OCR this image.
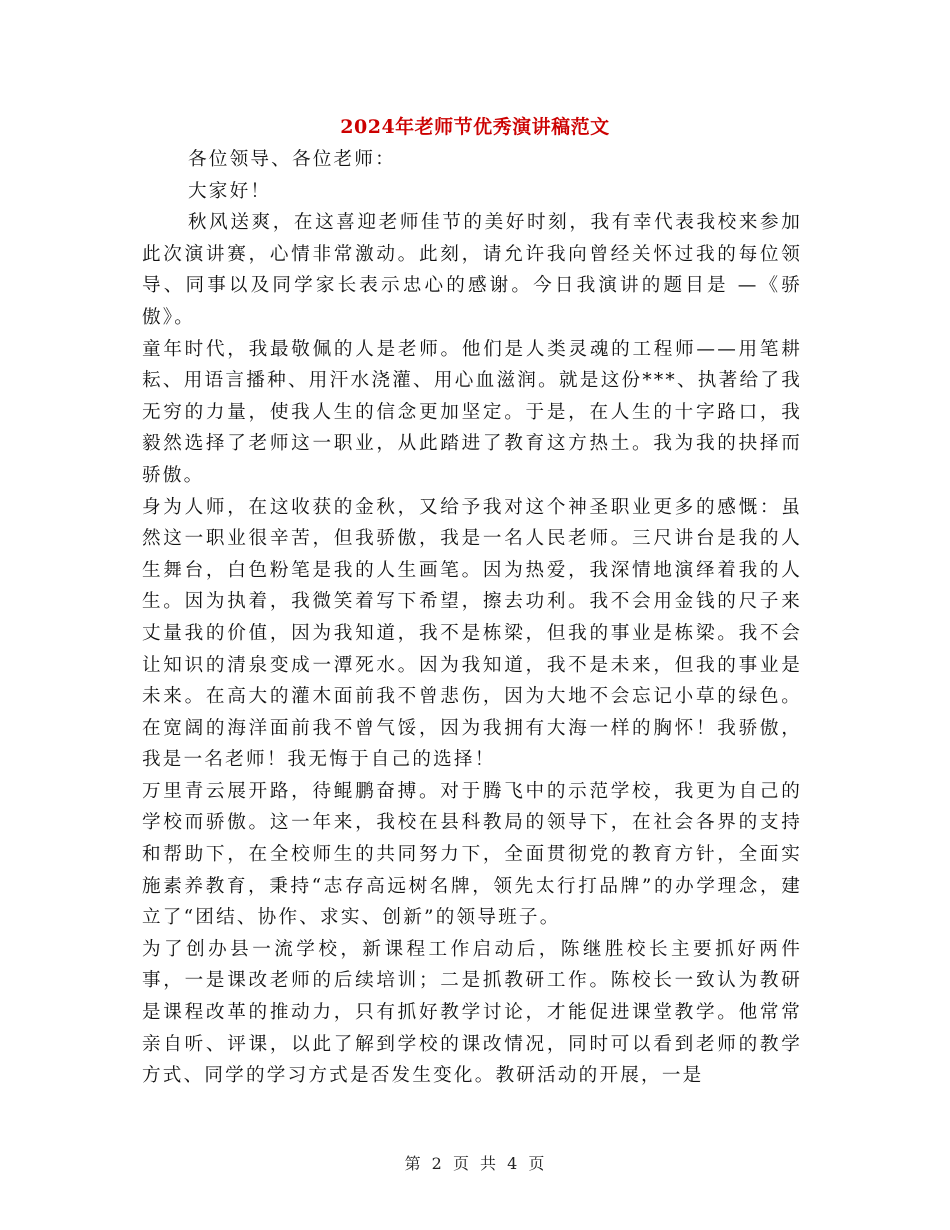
2024年老师节优秀演讲稿范文

各位领导、各位老师：

大家好！

秋风送爽，在这喜迎老师佳节的美好时刻，我有幸代表我校来参加此次演讲赛，心情非常激动。此刻，请允许我向曾经关怀过我的每位领导、同事以及同学家长表示忠心的感谢。今日我演讲的题目是 —《骄傲》。

童年时代，我最敬佩的人是老师。他们是人类灵魂的工程师——用笔耕耘、用语言播种、用汗水浇灌、用心血滋润。就是这份***、执著给了我无穷的力量，使我人生的信念更加坚定。于是，在人生的十字路口，我毅然选择了老师这一职业，从此踏进了教育这方热土。我为我的抉择而骄傲。

身为人师，在这收获的金秋，又给予我对这个神圣职业更多的感慨：虽然这一职业很辛苦，但我骄傲，我是一名人民老师。三尺讲台是我的人生舞台，白色粉笔是我的人生画笔。因为热爱，我深情地演绎着我的人生。因为执着，我微笑着写下希望，擦去功利。我不会用金钱的尺子来丈量我的价值，因为我知道，我不是栋梁，但我的事业是栋梁。我不会让知识的清泉变成一潭死水。因为我知道，我不是未来，但我的事业是未来。在高大的灌木面前我不曾悲伤，因为大地不会忘记小草的绿色。在宽阔的海洋面前我不曾气馁，因为我拥有大海一样的胸怀！我骄傲，我是一名老师！我无悔于自己的选择！

万里青云展开路，待鲲鹏奋搏。对于腾飞中的示范学校，我更为自己的学校而骄傲。这一年来，我校在县科教局的领导下，在社会各界的支持和帮助下，在全校师生的共同努力下，全面贯彻党的教育方针，全面实施素养教育，秉持“志存高远树名牌，领先太行打品牌”的办学理念，建立了“团结、协作、求实、创新”的领导班子。

为了创办县一流学校，新课程工作启动后，陈继胜校长主要抓好两件事，一是课改老师的后续培训；二是抓教研工作。陈校长一致认为教研是课程改革的推动力，只有抓好教学讨论，才能促进课堂教学。他常常亲自听、评课，以此了解到学校的课改情况，同时可以看到老师的教学方式、同学的学习方式是否发生变化。教研活动的开展，一是

第 2 页 共 4 页
